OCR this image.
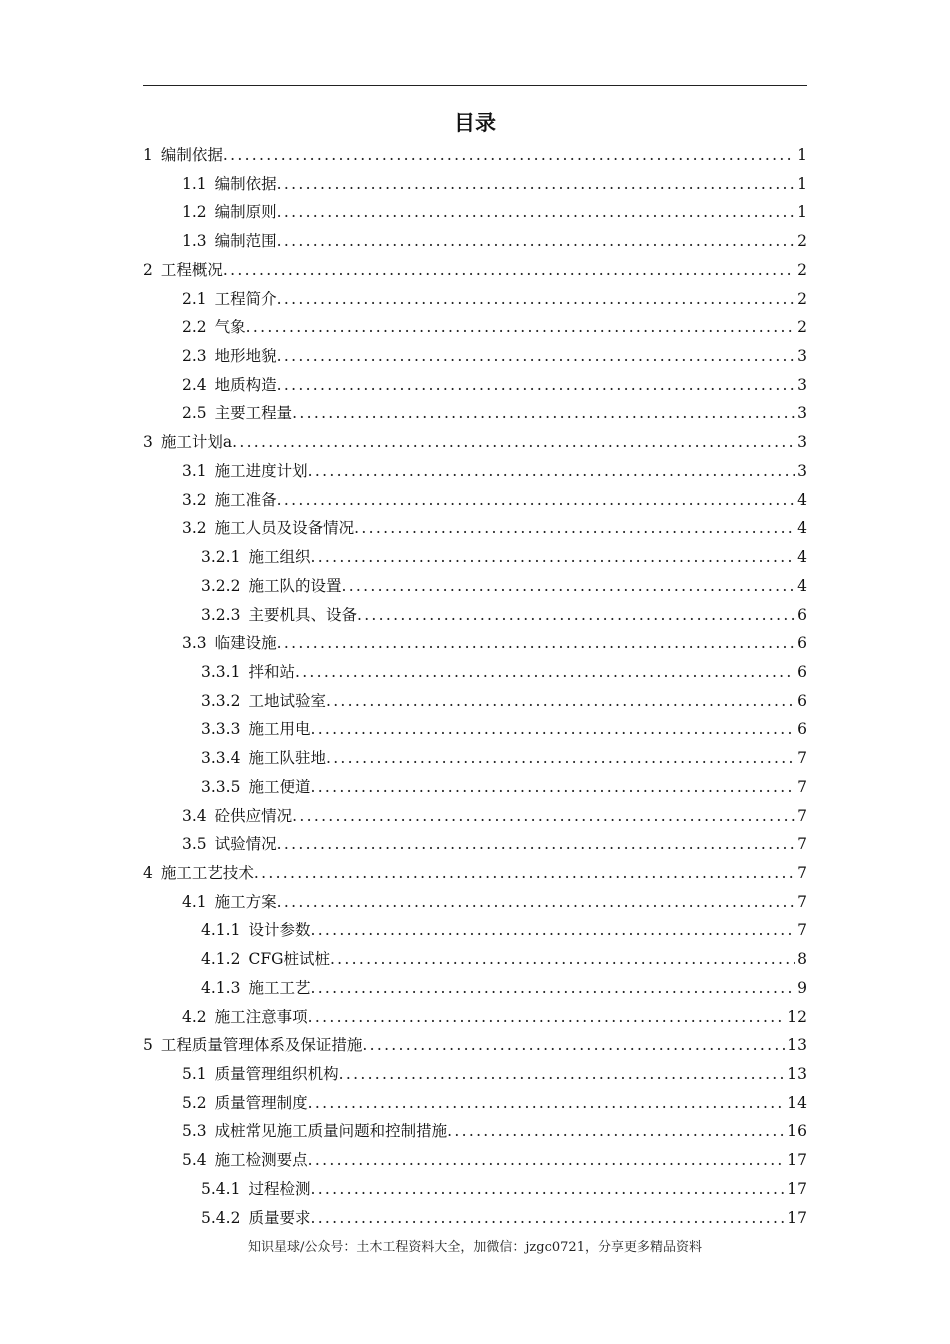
目录
1 编制依据 .....	1
1.1 编制依据 .....	1
1.2 编制原则 .....	1
1.3 编制范围 .....	2
2 工程概况 .....	2
2.1 工程简介 .....	2
2.2 气象 .....	2
2.3 地形地貌 .....	3
2.4 地质构造 .....	3
2.5 主要工程量 .....	3
3 施工计划a .....	3
3.1 施工进度计划 .....	3
3.2 施工准备 .....	4
3.2 施工人员及设备情况 .....	4
3.2.1 施工组织 .....	4
3.2.2 施工队的设置 .....	4
3.2.3 主要机具、设备 .....	6
3.3 临建设施 .....	6
3.3.1 拌和站 .....	6
3.3.2 工地试验室 .....	6
3.3.3 施工用电 .....	6
3.3.4 施工队驻地 .....	7
3.3.5 施工便道 .....	7
3.4 砼供应情况 .....	7
3.5 试验情况 .....	7
4 施工工艺技术 .....	7
4.1 施工方案 .....	7
4.1.1 设计参数 .....	7
4.1.2 CFG桩试桩 .....	8
4.1.3 施工工艺 .....	9
4.2 施工注意事项 .....	12
5 工程质量管理体系及保证措施 .....	13
5.1 质量管理组织机构 .....	13
5.2 质量管理制度 .....	14
5.3 成桩常见施工质量问题和控制措施 .....	16
5.4 施工检测要点 .....	17
5.4.1 过程检测 .....	17
5.4.2 质量要求 .....	17

知识星球/公众号：土木工程资料大全，加微信：jzgc0721，分享更多精品资料
